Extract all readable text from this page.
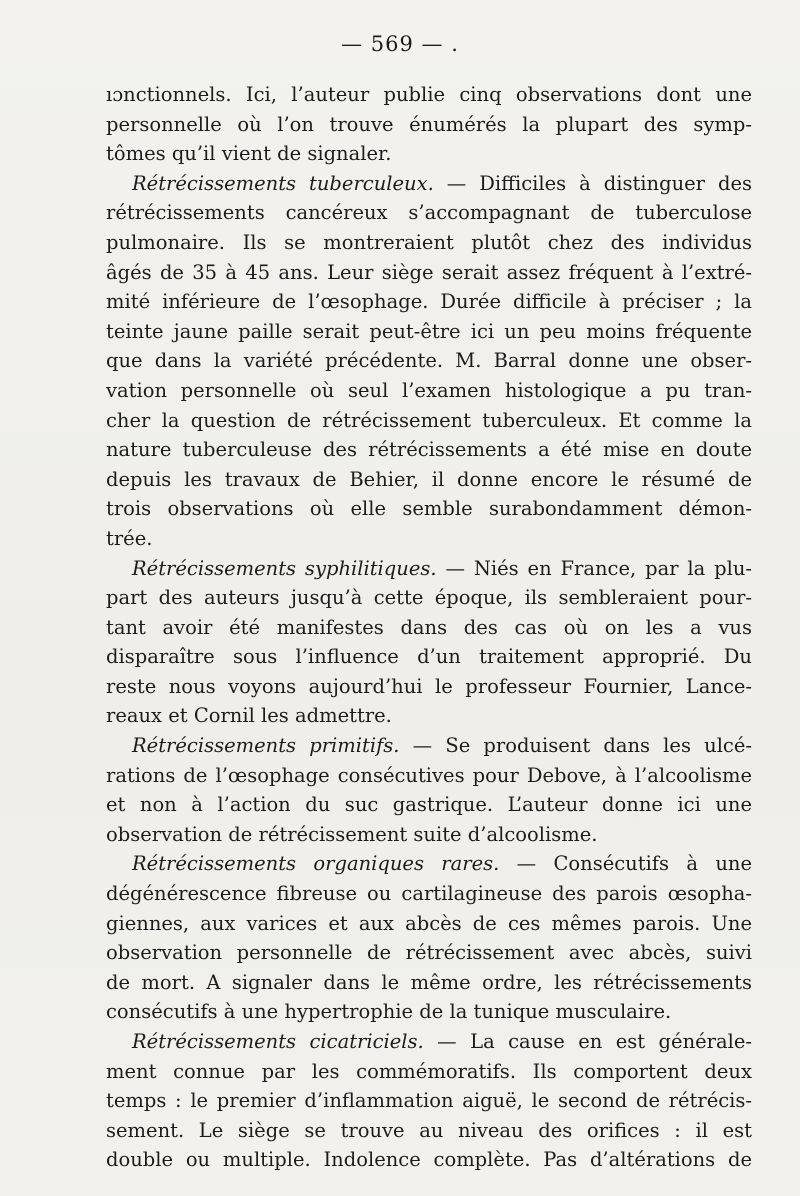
— 569 — .
ıɔnctionnels. Ici, l’auteur publie cinq observations dont une
personnelle où l’on trouve énumérés la plupart des symp-
tômes qu’il vient de signaler.
Rétrécissements tuberculeux. — Difficiles à distinguer des
rétrécissements cancéreux s’accompagnant de tuberculose
pulmonaire. Ils se montreraient plutôt chez des individus
âgés de 35 à 45 ans. Leur siège serait assez fréquent à l’extré-
mité inférieure de l’œsophage. Durée difficile à préciser ; la
teinte jaune paille serait peut-être ici un peu moins fréquente
que dans la variété précédente. M. Barral donne une obser-
vation personnelle où seul l’examen histologique a pu tran-
cher la question de rétrécissement tuberculeux. Et comme la
nature tuberculeuse des rétrécissements a été mise en doute
depuis les travaux de Behier, il donne encore le résumé de
trois observations où elle semble surabondamment démon-
trée.
Rétrécissements syphilitiques. — Niés en France, par la plu-
part des auteurs jusqu’à cette époque, ils sembleraient pour-
tant avoir été manifestes dans des cas où on les a vus
disparaître sous l’influence d’un traitement approprié. Du
reste nous voyons aujourd’hui le professeur Fournier, Lance-
reaux et Cornil les admettre.
Rétrécissements primitifs. — Se produisent dans les ulcé-
rations de l’œsophage consécutives pour Debove, à l’alcoolisme
et non à l’action du suc gastrique. L’auteur donne ici une
observation de rétrécissement suite d’alcoolisme.
Rétrécissements organiques rares. — Consécutifs à une
dégénérescence fibreuse ou cartilagineuse des parois œsopha-
giennes, aux varices et aux abcès de ces mêmes parois. Une
observation personnelle de rétrécissement avec abcès, suivi
de mort. A signaler dans le même ordre, les rétrécissements
consécutifs à une hypertrophie de la tunique musculaire.
Rétrécissements cicatriciels. — La cause en est générale-
ment connue par les commémoratifs. Ils comportent deux
temps : le premier d’inflammation aiguë, le second de rétrécis-
sement. Le siège se trouve au niveau des orifices : il est
double ou multiple. Indolence complète. Pas d’altérations de
